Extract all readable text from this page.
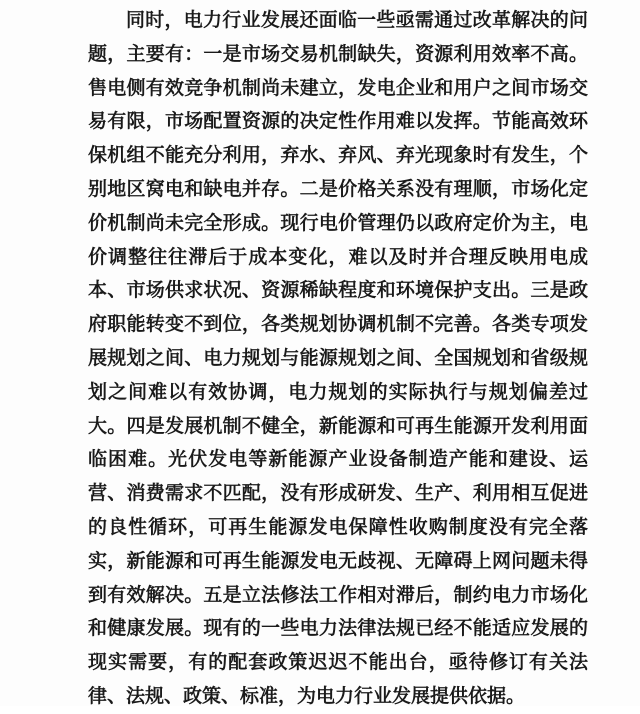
同时，电力行业发展还面临一些亟需通过改革解决的问
题，主要有：一是市场交易机制缺失，资源利用效率不高。
售电侧有效竞争机制尚未建立，发电企业和用户之间市场交
易有限，市场配置资源的决定性作用难以发挥。节能高效环
保机组不能充分利用，弃水、弃风、弃光现象时有发生，个
别地区窝电和缺电并存。二是价格关系没有理顺，市场化定
价机制尚未完全形成。现行电价管理仍以政府定价为主，电
价调整往往滞后于成本变化，难以及时并合理反映用电成
本、市场供求状况、资源稀缺程度和环境保护支出。三是政
府职能转变不到位，各类规划协调机制不完善。各类专项发
展规划之间、电力规划与能源规划之间、全国规划和省级规
划之间难以有效协调，电力规划的实际执行与规划偏差过
大。四是发展机制不健全，新能源和可再生能源开发利用面
临困难。光伏发电等新能源产业设备制造产能和建设、运
营、消费需求不匹配，没有形成研发、生产、利用相互促进
的良性循环，可再生能源发电保障性收购制度没有完全落
实，新能源和可再生能源发电无歧视、无障碍上网问题未得
到有效解决。五是立法修法工作相对滞后，制约电力市场化
和健康发展。现有的一些电力法律法规已经不能适应发展的
现实需要，有的配套政策迟迟不能出台，亟待修订有关法
律、法规、政策、标准，为电力行业发展提供依据。
